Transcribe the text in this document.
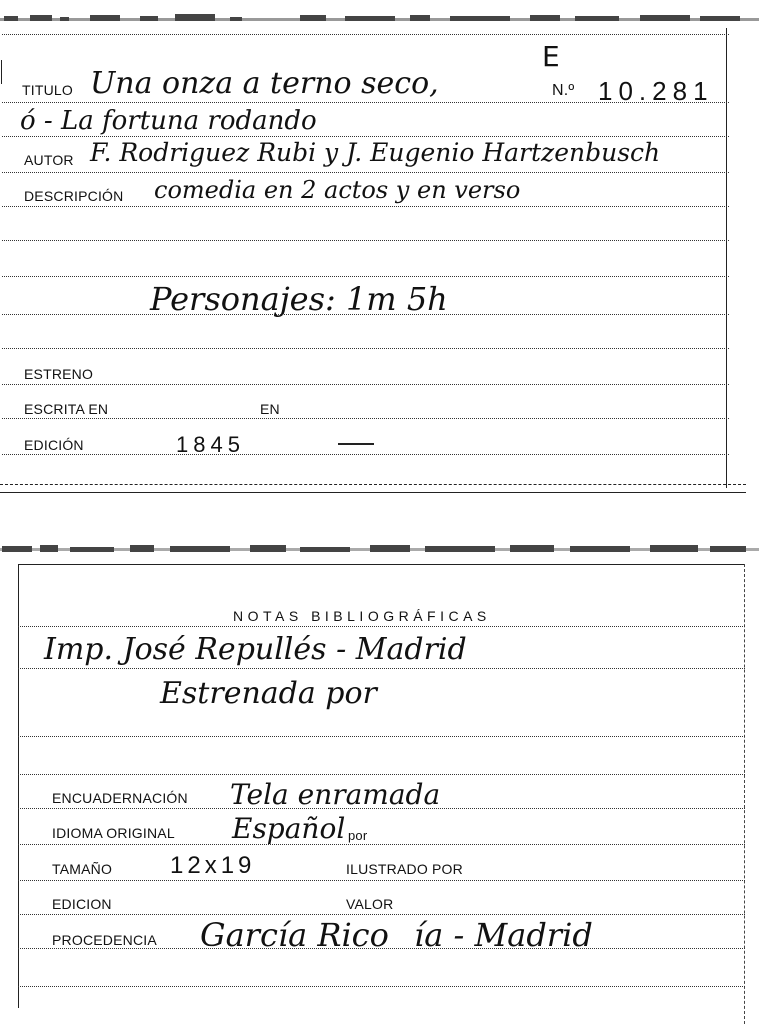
E
TITULO Una onza a terno seco,	N.º 10.281
ó - La fortuna rodando
AUTOR F. Rodriguez Rubi y J. Eugenio Hartzenbusch
DESCRIPCIÓN comedia en 2 actos y en verso
Personajes: 1m 5h
ESTRENO
ESCRITA EN	EN
EDICIÓN	1845
NOTAS BIBLIOGRÁFICAS
Imp. José Repullés - Madrid
Estrenada por
ENCUADERNACIÓN Tela enramada
IDIOMA ORIGINAL Español por
TAMAÑO 12x19	ILUSTRADO POR
EDICION	VALOR
PROCEDENCIA García Rico ía - Madrid
